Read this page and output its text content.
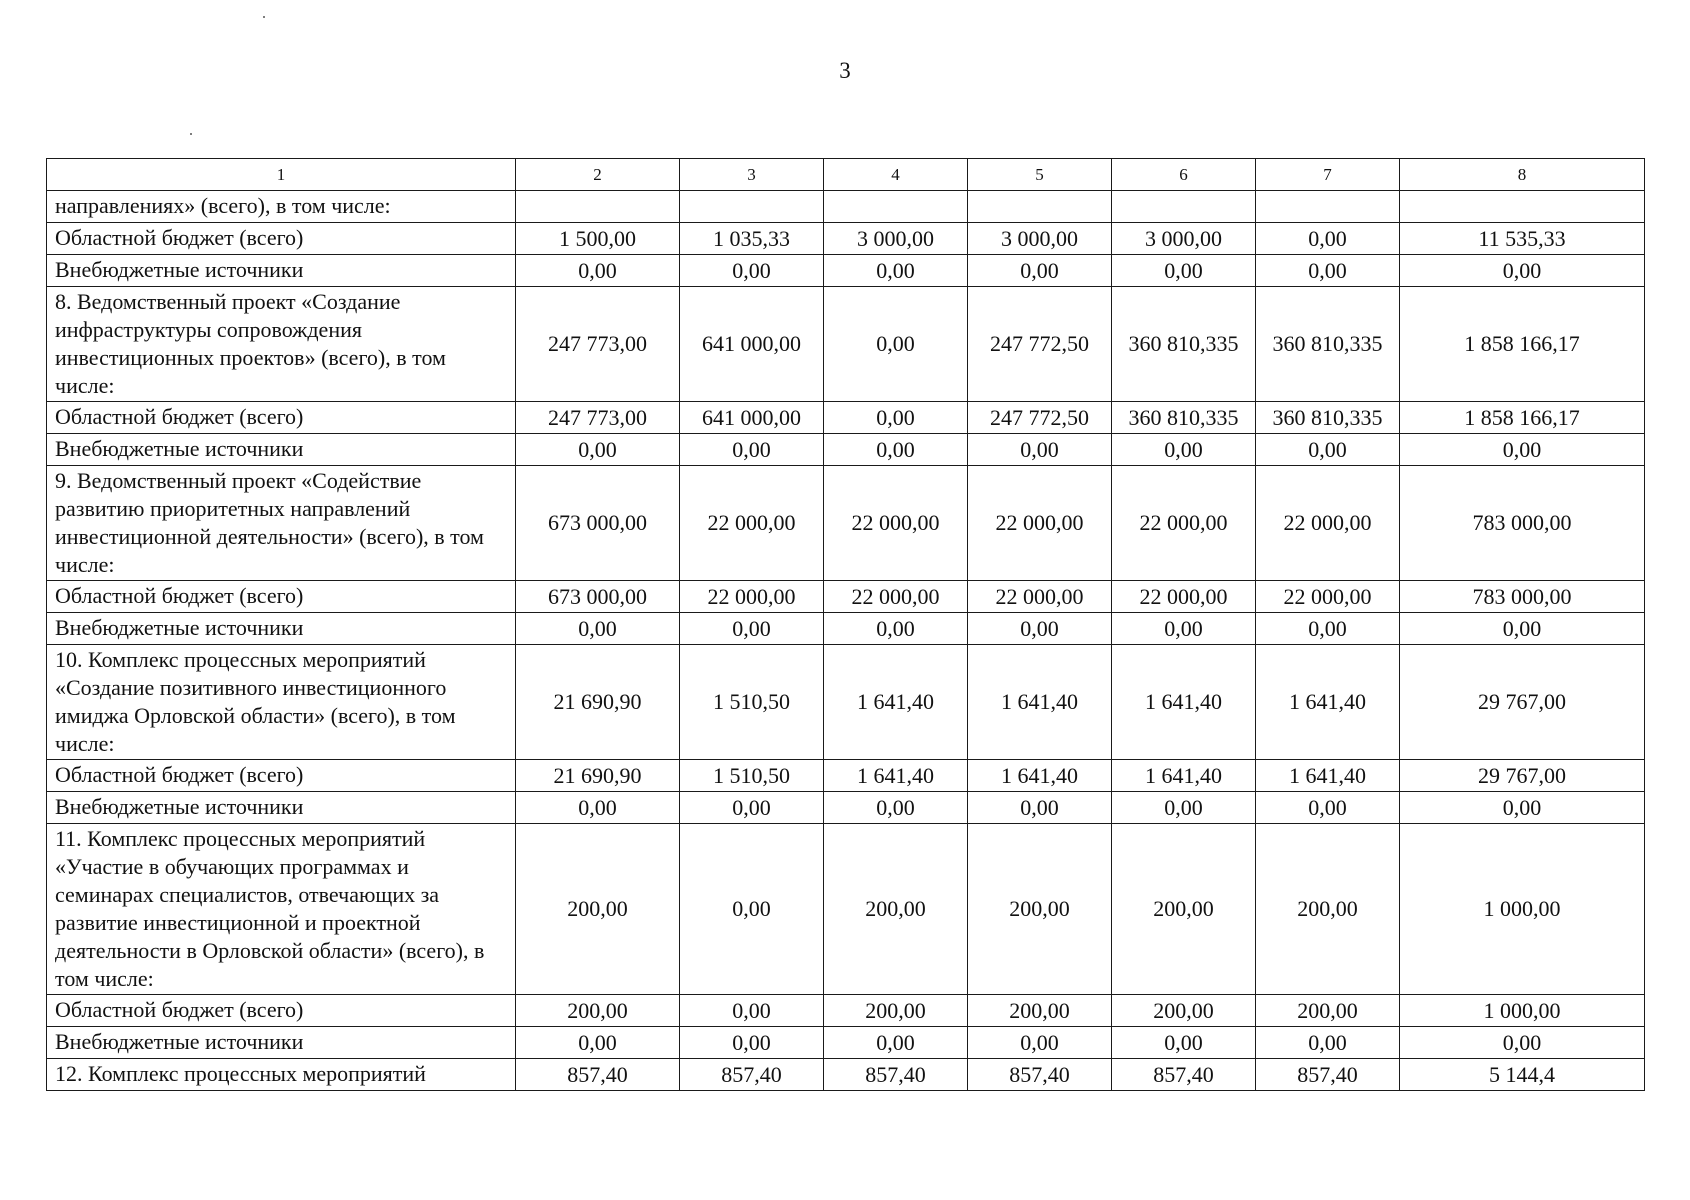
3
1	2	3	4	5	6	7	8
направлениях» (всего), в том числе:							
Областной бюджет (всего)	1 500,00	1 035,33	3 000,00	3 000,00	3 000,00	0,00	11 535,33
Внебюджетные источники	0,00	0,00	0,00	0,00	0,00	0,00	0,00
8. Ведомственный проект «Создание инфраструктуры сопровождения инвестиционных проектов» (всего), в том числе:	247 773,00	641 000,00	0,00	247 772,50	360 810,335	360 810,335	1 858 166,17
Областной бюджет (всего)	247 773,00	641 000,00	0,00	247 772,50	360 810,335	360 810,335	1 858 166,17
Внебюджетные источники	0,00	0,00	0,00	0,00	0,00	0,00	0,00
9. Ведомственный проект «Содействие развитию приоритетных направлений инвестиционной деятельности» (всего), в том числе:	673 000,00	22 000,00	22 000,00	22 000,00	22 000,00	22 000,00	783 000,00
Областной бюджет (всего)	673 000,00	22 000,00	22 000,00	22 000,00	22 000,00	22 000,00	783 000,00
Внебюджетные источники	0,00	0,00	0,00	0,00	0,00	0,00	0,00
10. Комплекс процессных мероприятий «Создание позитивного инвестиционного имиджа Орловской области» (всего), в том числе:	21 690,90	1 510,50	1 641,40	1 641,40	1 641,40	1 641,40	29 767,00
Областной бюджет (всего)	21 690,90	1 510,50	1 641,40	1 641,40	1 641,40	1 641,40	29 767,00
Внебюджетные источники	0,00	0,00	0,00	0,00	0,00	0,00	0,00
11. Комплекс процессных мероприятий «Участие в обучающих программах и семинарах специалистов, отвечающих за развитие инвестиционной и проектной деятельности в Орловской области» (всего), в том числе:	200,00	0,00	200,00	200,00	200,00	200,00	1 000,00
Областной бюджет (всего)	200,00	0,00	200,00	200,00	200,00	200,00	1 000,00
Внебюджетные источники	0,00	0,00	0,00	0,00	0,00	0,00	0,00
12. Комплекс процессных мероприятий	857,40	857,40	857,40	857,40	857,40	857,40	5 144,4
